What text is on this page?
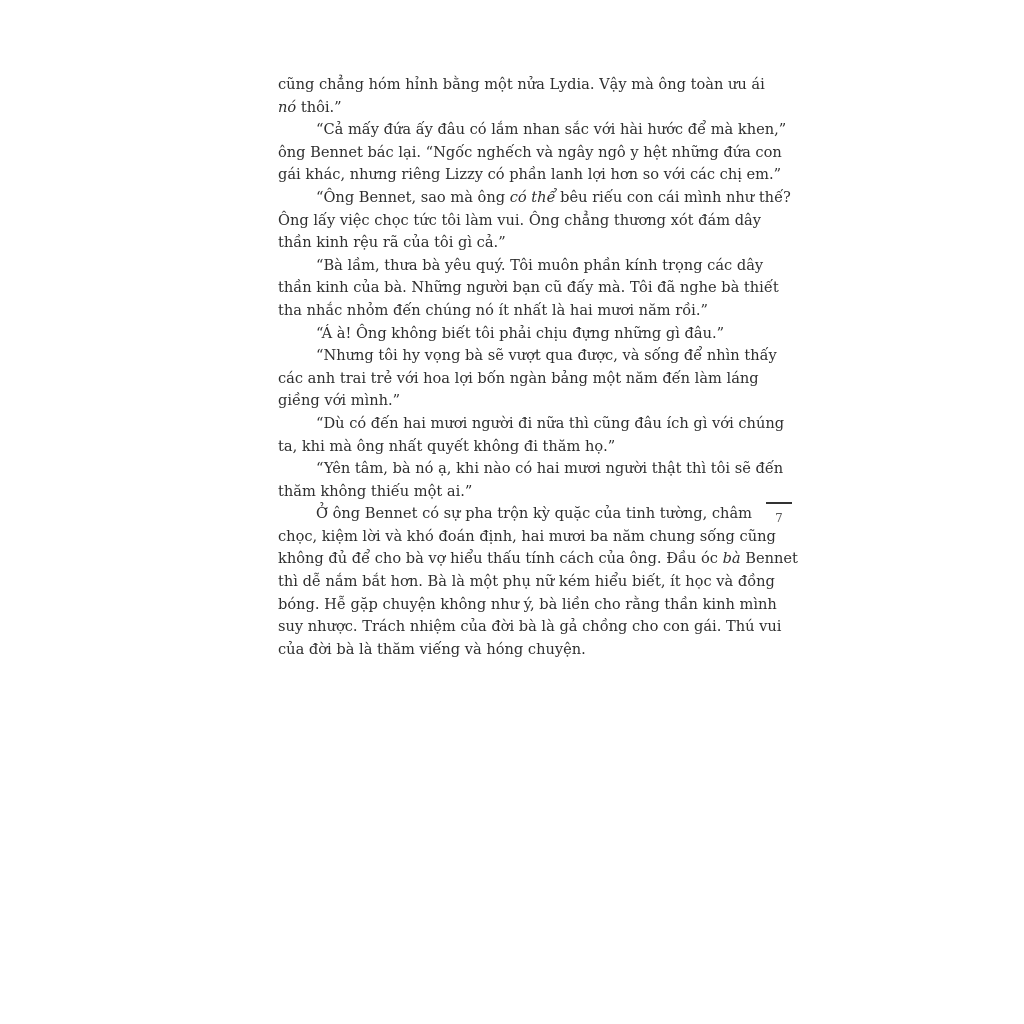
cũng chẳng hóm hỉnh bằng một nửa Lydia. Vậy mà ông toàn ưu ái
nó thôi.”
“Cả mấy đứa ấy đâu có lắm nhan sắc với hài hước để mà khen,”
ông Bennet bác lại. “Ngốc nghếch và ngây ngô y hệt những đứa con
gái khác, nhưng riêng Lizzy có phần lanh lợi hơn so với các chị em.”
“Ông Bennet, sao mà ông có thể bêu riếu con cái mình như thế?
Ông lấy việc chọc tức tôi làm vui. Ông chẳng thương xót đám dây
thần kinh rệu rã của tôi gì cả.”
“Bà lầm, thưa bà yêu quý. Tôi muôn phần kính trọng các dây
thần kinh của bà. Những người bạn cũ đấy mà. Tôi đã nghe bà thiết
tha nhắc nhỏm đến chúng nó ít nhất là hai mươi năm rồi.”
“Á à! Ông không biết tôi phải chịu đựng những gì đâu.”
“Nhưng tôi hy vọng bà sẽ vượt qua được, và sống để nhìn thấy
các anh trai trẻ với hoa lợi bốn ngàn bảng một năm đến làm láng
giềng với mình.”
“Dù có đến hai mươi người đi nữa thì cũng đâu ích gì với chúng
ta, khi mà ông nhất quyết không đi thăm họ.”
“Yên tâm, bà nó ạ, khi nào có hai mươi người thật thì tôi sẽ đến
thăm không thiếu một ai.”
Ở ông Bennet có sự pha trộn kỳ quặc của tinh tường, châm
chọc, kiệm lời và khó đoán định, hai mươi ba năm chung sống cũng
không đủ để cho bà vợ hiểu thấu tính cách của ông. Đầu óc bà Bennet
thì dễ nắm bắt hơn. Bà là một phụ nữ kém hiểu biết, ít học và đồng
bóng. Hễ gặp chuyện không như ý, bà liền cho rằng thần kinh mình
suy nhược. Trách nhiệm của đời bà là gả chồng cho con gái. Thú vui
của đời bà là thăm viếng và hóng chuyện.
7
